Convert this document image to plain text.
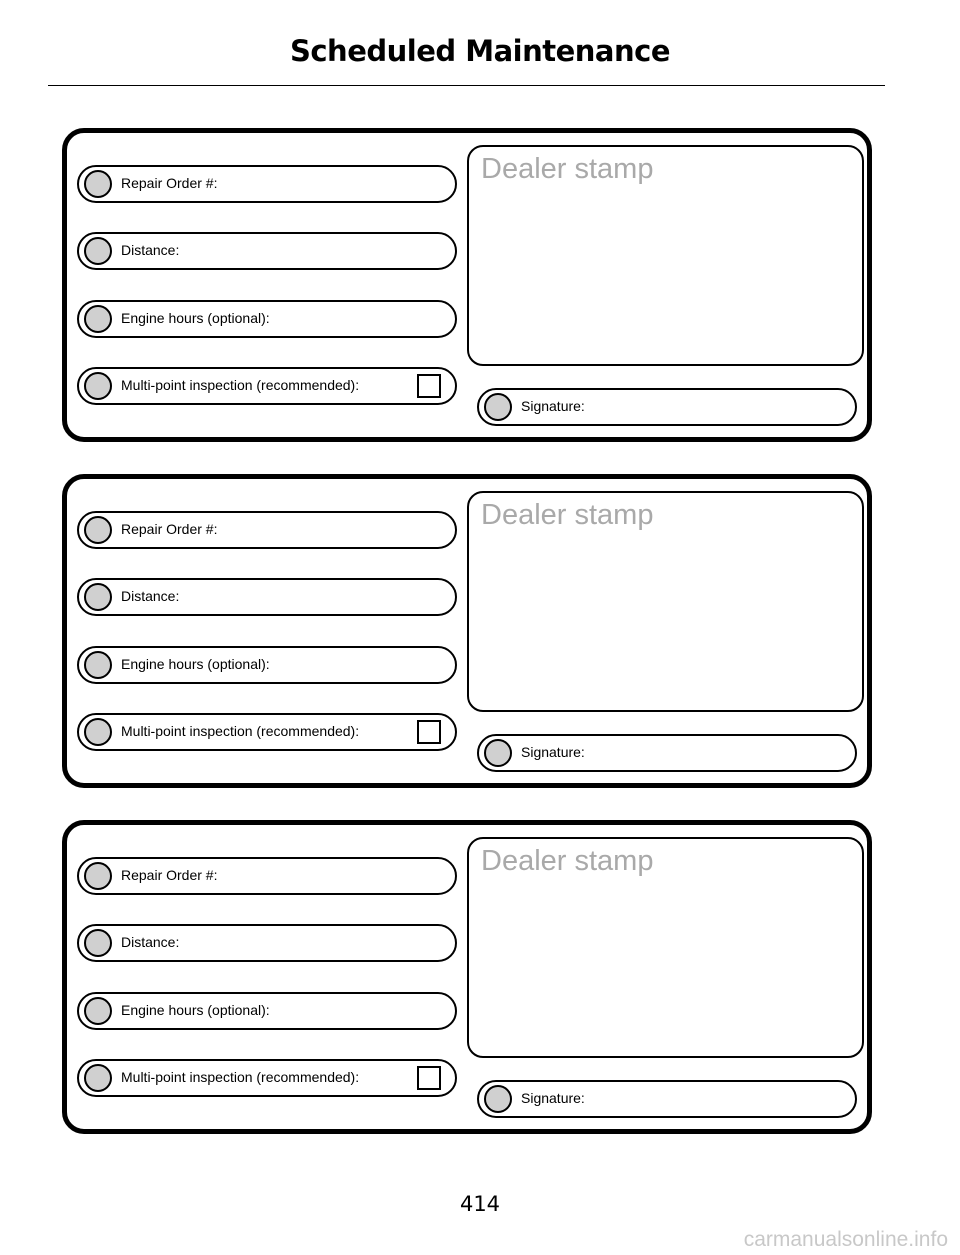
Scheduled Maintenance
Repair Order #:
Distance:
Engine hours (optional):
Multi-point inspection (recommended):
Dealer stamp
Signature:
Repair Order #:
Distance:
Engine hours (optional):
Multi-point inspection (recommended):
Dealer stamp
Signature:
Repair Order #:
Distance:
Engine hours (optional):
Multi-point inspection (recommended):
Dealer stamp
Signature:
414
carmanualsonline.info
